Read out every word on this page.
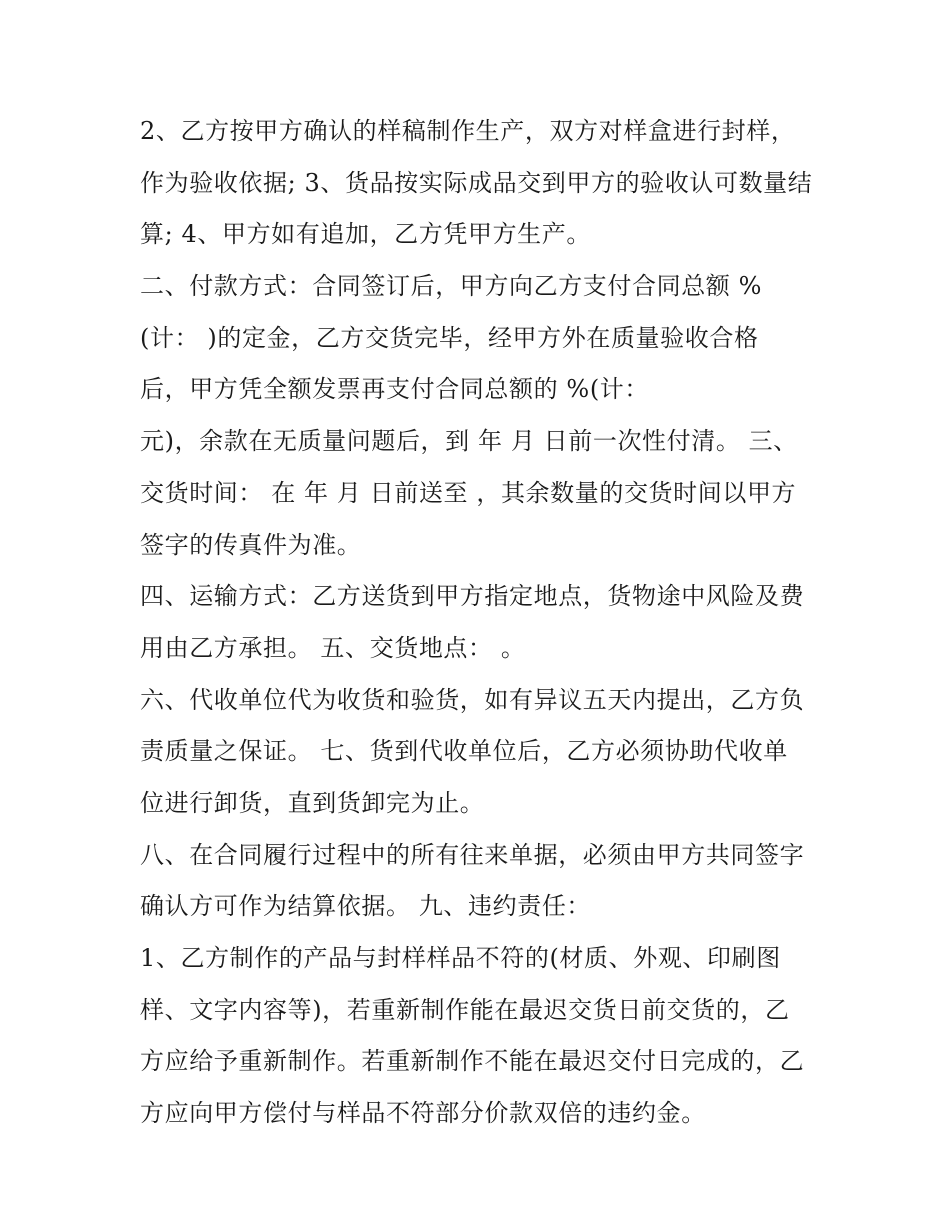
2、乙方按甲方确认的样稿制作生产，双方对样盒进行封样，
作为验收依据; 3、货品按实际成品交到甲方的验收认可数量结
算; 4、甲方如有追加，乙方凭甲方生产。
二、付款方式：合同签订后，甲方向乙方支付合同总额 %
(计： )的定金，乙方交货完毕，经甲方外在质量验收合格
后，甲方凭全额发票再支付合同总额的 %(计：
元)，余款在无质量问题后，到 年 月 日前一次性付清。 三、
交货时间： 在 年 月 日前送至 ，其余数量的交货时间以甲方
签字的传真件为准。
四、运输方式：乙方送货到甲方指定地点，货物途中风险及费
用由乙方承担。 五、交货地点： 。
六、代收单位代为收货和验货，如有异议五天内提出，乙方负
责质量之保证。 七、货到代收单位后，乙方必须协助代收单
位进行卸货，直到货卸完为止。
八、在合同履行过程中的所有往来单据，必须由甲方共同签字
确认方可作为结算依据。 九、违约责任：
1、乙方制作的产品与封样样品不符的(材质、外观、印刷图
样、文字内容等)，若重新制作能在最迟交货日前交货的，乙
方应给予重新制作。若重新制作不能在最迟交付日完成的，乙
方应向甲方偿付与样品不符部分价款双倍的违约金。
